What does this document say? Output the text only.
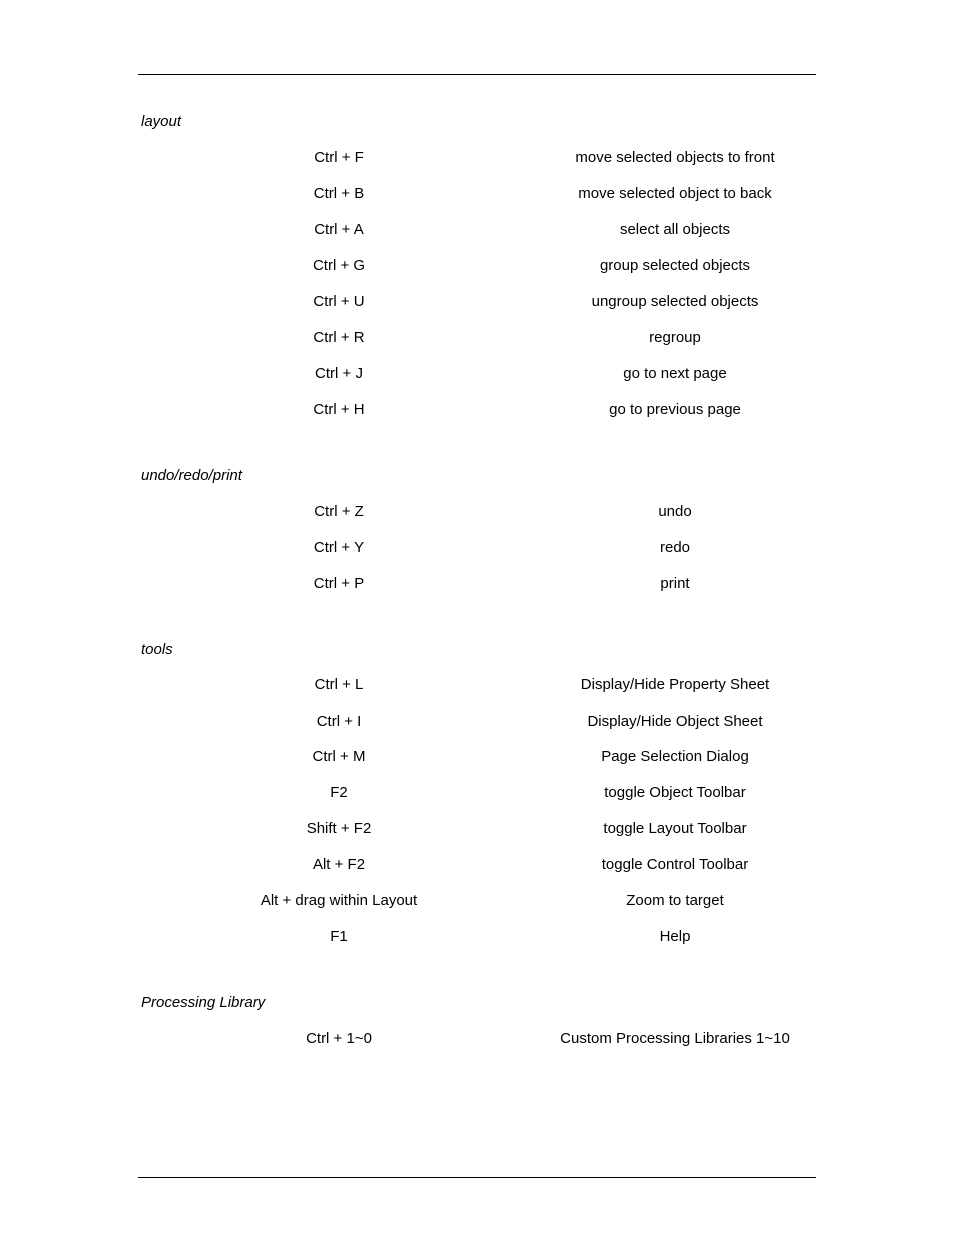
layout
Ctrl + F	move selected objects to front
Ctrl + B	move selected object to back
Ctrl + A	select all objects
Ctrl + G	group selected objects
Ctrl + U	ungroup selected objects
Ctrl + R	regroup
Ctrl + J	go to next page
Ctrl + H	go to previous page
undo/redo/print
Ctrl + Z	undo
Ctrl + Y	redo
Ctrl + P	print
tools
Ctrl + L	Display/Hide Property Sheet
Ctrl + I	Display/Hide Object Sheet
Ctrl + M	Page Selection Dialog
F2	toggle Object Toolbar
Shift + F2	toggle Layout Toolbar
Alt + F2	toggle Control Toolbar
Alt + drag within Layout	Zoom to target
F1	Help
Processing Library
Ctrl + 1~0	Custom Processing Libraries 1~10
